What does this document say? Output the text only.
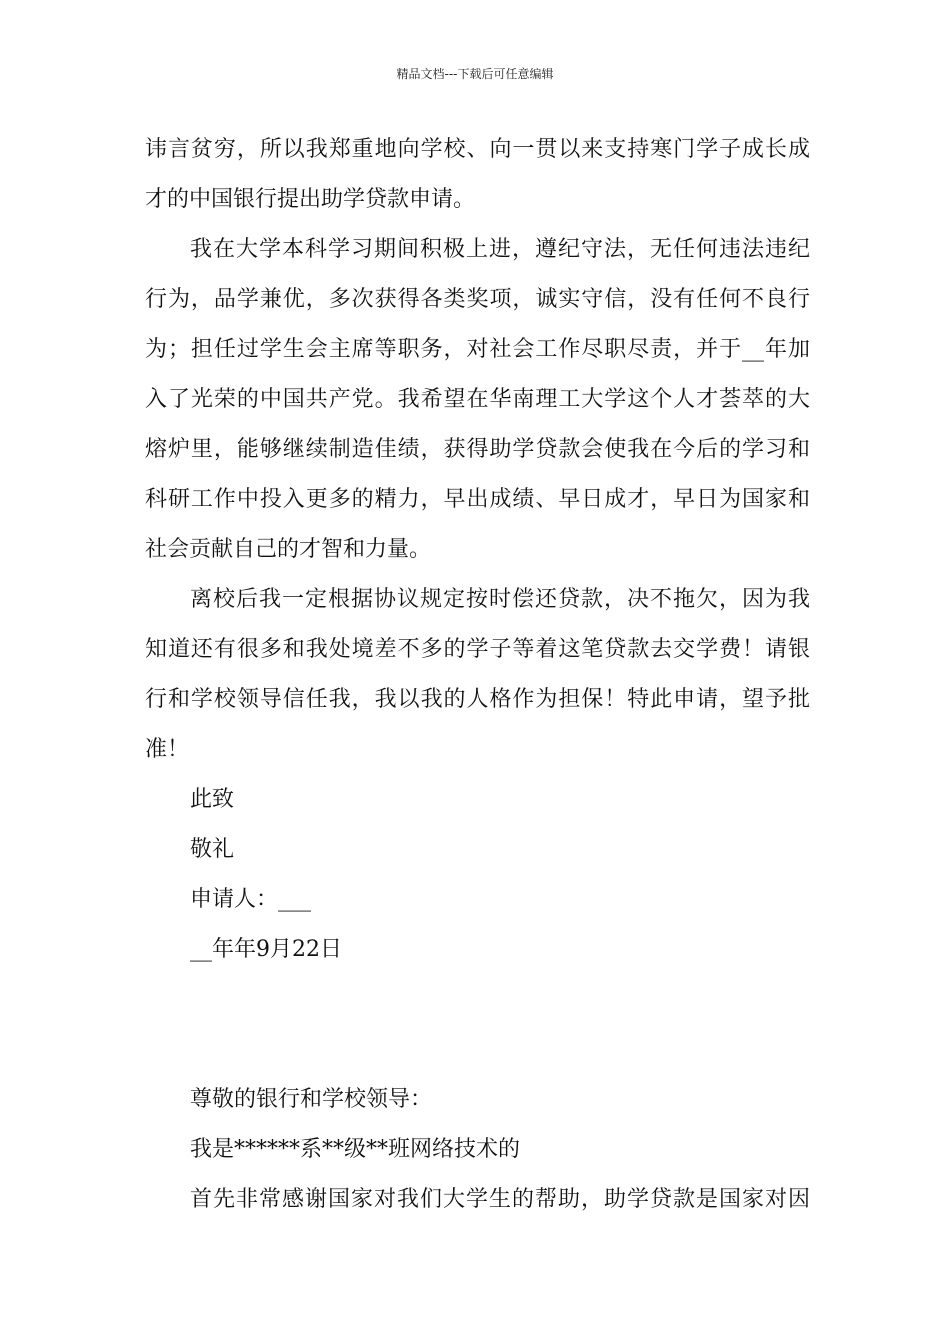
精品文档---下载后可任意编辑
讳言贫穷，所以我郑重地向学校、向一贯以来支持寒门学子成长成
才的中国银行提出助学贷款申请。
我在大学本科学习期间积极上进，遵纪守法，无任何违法违纪
行为，品学兼优，多次获得各类奖项，诚实守信，没有任何不良行
为；担任过学生会主席等职务，对社会工作尽职尽责，并于__年加
入了光荣的中国共产党。我希望在华南理工大学这个人才荟萃的大
熔炉里，能够继续制造佳绩，获得助学贷款会使我在今后的学习和
科研工作中投入更多的精力，早出成绩、早日成才，早日为国家和
社会贡献自己的才智和力量。
离校后我一定根据协议规定按时偿还贷款，决不拖欠，因为我
知道还有很多和我处境差不多的学子等着这笔贷款去交学费！请银
行和学校领导信任我，我以我的人格作为担保！特此申请，望予批
准！
此致
敬礼
申请人：___
__年年9月22日
尊敬的银行和学校领导：
我是******系**级**班网络技术的
首先非常感谢国家对我们大学生的帮助，助学贷款是国家对因
